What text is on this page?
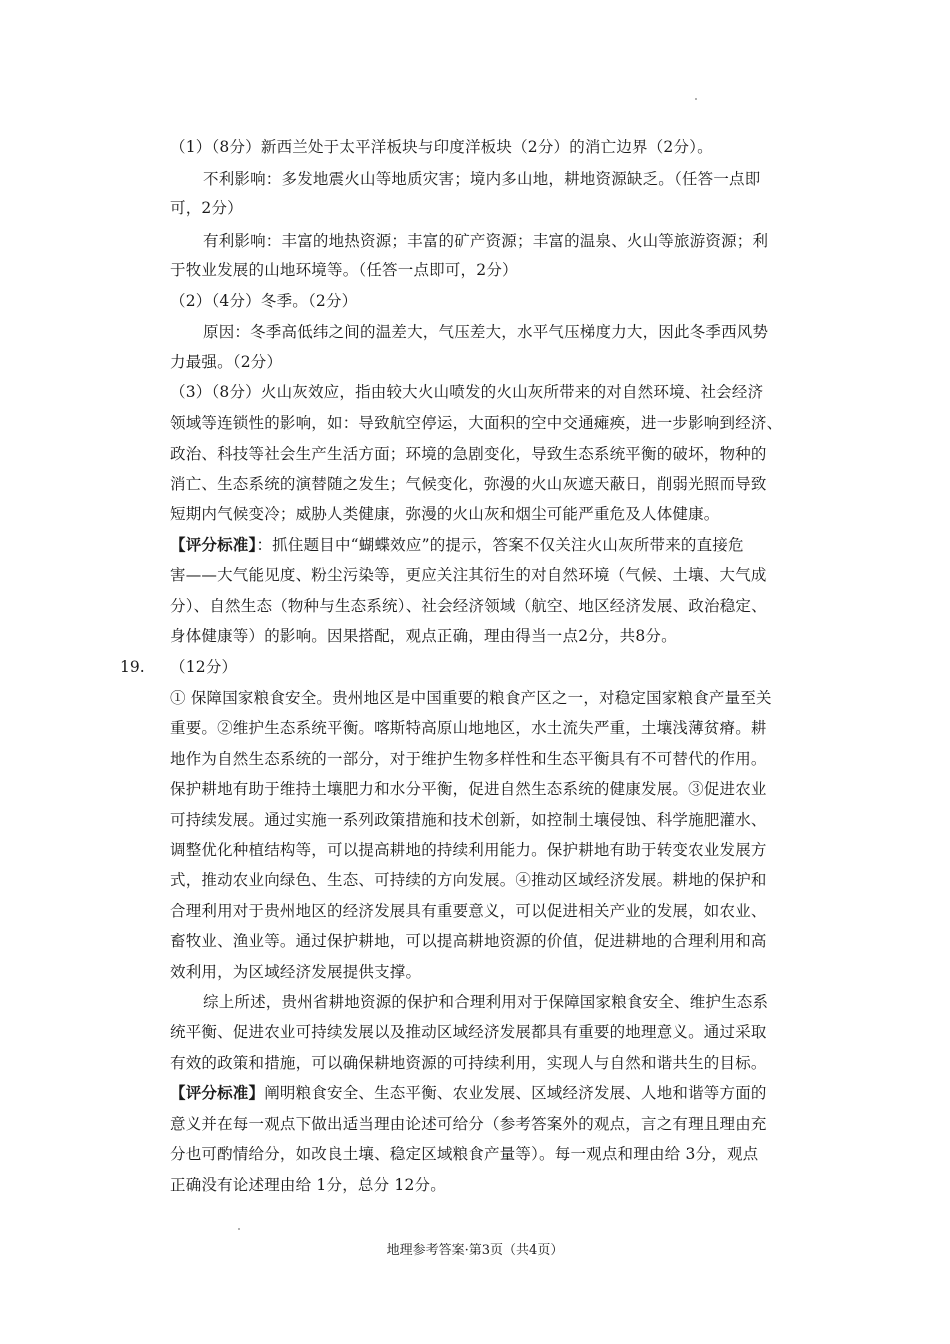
（1）（8分）新西兰处于太平洋板块与印度洋板块（2分）的消亡边界（2分）。
不利影响：多发地震火山等地质灾害；境内多山地，耕地资源缺乏。（任答一点即
可，2分）
有利影响：丰富的地热资源；丰富的矿产资源；丰富的温泉、火山等旅游资源；利
于牧业发展的山地环境等。（任答一点即可，2分）
（2）（4分）冬季。（2分）
原因：冬季高低纬之间的温差大，气压差大，水平气压梯度力大，因此冬季西风势
力最强。（2分）
（3）（8分）火山灰效应，指由较大火山喷发的火山灰所带来的对自然环境、社会经济
领域等连锁性的影响，如：导致航空停运，大面积的空中交通瘫痪，进一步影响到经济、
政治、科技等社会生产生活方面；环境的急剧变化，导致生态系统平衡的破坏，物种的
消亡、生态系统的演替随之发生；气候变化，弥漫的火山灰遮天蔽日，削弱光照而导致
短期内气候变冷；威胁人类健康，弥漫的火山灰和烟尘可能严重危及人体健康。
【评分标准】：抓住题目中“蝴蝶效应”的提示，答案不仅关注火山灰所带来的直接危
害——大气能见度、粉尘污染等，更应关注其衍生的对自然环境（气候、土壤、大气成
分）、自然生态（物种与生态系统）、社会经济领域（航空、地区经济发展、政治稳定、
身体健康等）的影响。因果搭配，观点正确，理由得当一点2分，共8分。
19. （12分）
① 保障国家粮食安全。贵州地区是中国重要的粮食产区之一，对稳定国家粮食产量至关
重要。②维护生态系统平衡。喀斯特高原山地地区，水土流失严重，土壤浅薄贫瘠。耕
地作为自然生态系统的一部分，对于维护生物多样性和生态平衡具有不可替代的作用。
保护耕地有助于维持土壤肥力和水分平衡，促进自然生态系统的健康发展。③促进农业
可持续发展。通过实施一系列政策措施和技术创新，如控制土壤侵蚀、科学施肥灌水、
调整优化种植结构等，可以提高耕地的持续利用能力。保护耕地有助于转变农业发展方
式，推动农业向绿色、生态、可持续的方向发展。④推动区域经济发展。耕地的保护和
合理利用对于贵州地区的经济发展具有重要意义，可以促进相关产业的发展，如农业、
畜牧业、渔业等。通过保护耕地，可以提高耕地资源的价值，促进耕地的合理利用和高
效利用，为区域经济发展提供支撑。
综上所述，贵州省耕地资源的保护和合理利用对于保障国家粮食安全、维护生态系
统平衡、促进农业可持续发展以及推动区域经济发展都具有重要的地理意义。通过采取
有效的政策和措施，可以确保耕地资源的可持续利用，实现人与自然和谐共生的目标。
【评分标准】阐明粮食安全、生态平衡、农业发展、区域经济发展、人地和谐等方面的
意义并在每一观点下做出适当理由论述可给分（参考答案外的观点，言之有理且理由充
分也可酌情给分，如改良土壤、稳定区域粮食产量等）。每一观点和理由给 3分，观点
正确没有论述理由给 1分，总分 12分。
地理参考答案·第3页（共4页）
